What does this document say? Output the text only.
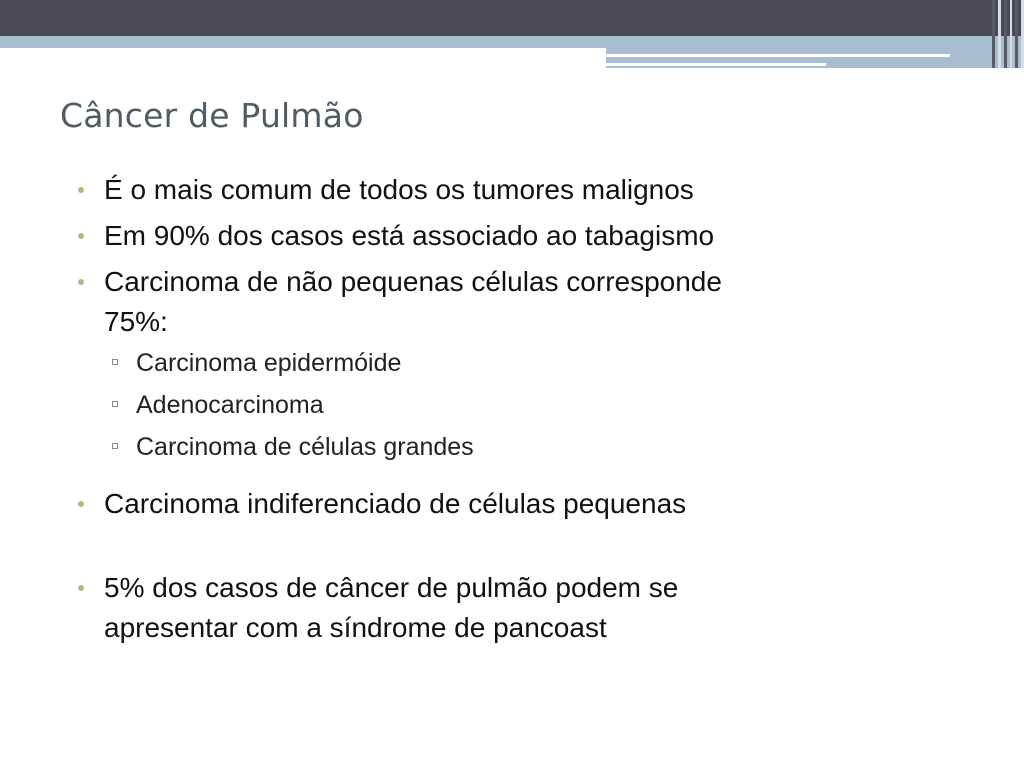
Câncer de Pulmão
É o mais comum de todos os tumores malignos
Em 90% dos casos está associado ao tabagismo
Carcinoma de não pequenas células corresponde
75%:
Carcinoma epidermóide
Adenocarcinoma
Carcinoma de células grandes
Carcinoma indiferenciado de células pequenas
5% dos casos de câncer de pulmão podem se
apresentar com a síndrome de pancoast
